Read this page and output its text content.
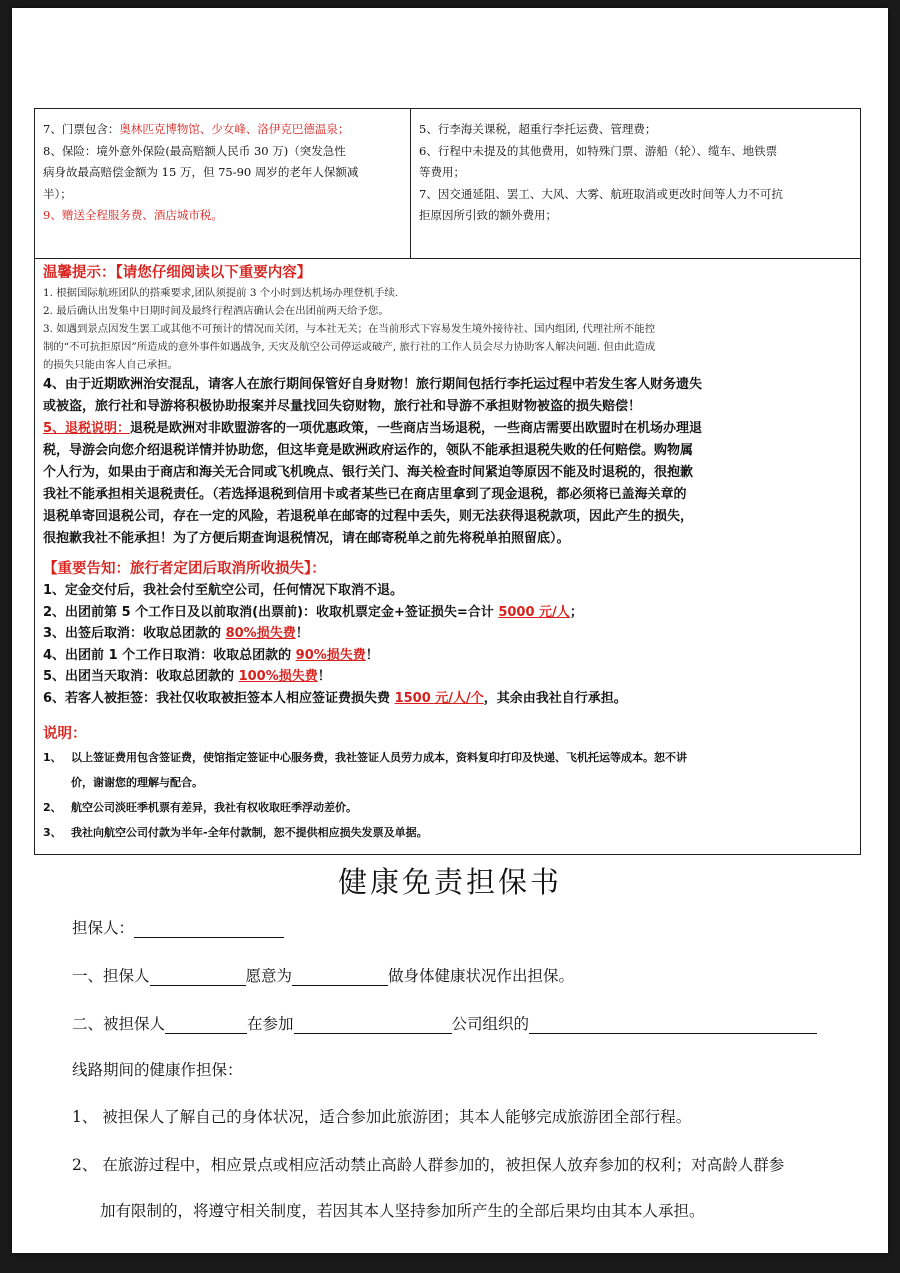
7、门票包含：奥林匹克博物馆、少女峰、洛伊克巴德温泉；
8、保险：境外意外保险(最高赔额人民币 30 万)（突发急性
病身故最高赔偿金额为 15 万，但 75-90 周岁的老年人保额减
半）；
9、赠送全程服务费、酒店城市税。
5、行李海关课税，超重行李托运费、管理费；
6、行程中未提及的其他费用，如特殊门票、游船（轮）、缆车、地铁票
等费用；
7、因交通延阻、罢工、大风、大雾、航班取消或更改时间等人力不可抗
拒原因所引致的额外费用；
温馨提示：【请您仔细阅读以下重要内容】
1. 根据国际航班团队的搭乘要求,团队须提前 3 个小时到达机场办理登机手续.
2. 最后确认出发集中日期时间及最终行程酒店确认会在出团前两天给予您。
3. 如遇到景点因发生罢工或其他不可预计的情况而关闭，与本社无关；在当前形式下容易发生境外接待社、国内组团, 代理社所不能控
制的“不可抗拒原因”所造成的意外事件如遇战争, 天灾及航空公司停运或破产, 旅行社的工作人员会尽力协助客人解决问题. 但由此造成
的损失只能由客人自己承担。
4、由于近期欧洲治安混乱，请客人在旅行期间保管好自身财物！旅行期间包括行李托运过程中若发生客人财务遗失
或被盗，旅行社和导游将积极协助报案并尽量找回失窃财物，旅行社和导游不承担财物被盗的损失赔偿！
5、退税说明：退税是欧洲对非欧盟游客的一项优惠政策，一些商店当场退税，一些商店需要出欧盟时在机场办理退
税，导游会向您介绍退税详情并协助您，但这毕竟是欧洲政府运作的，领队不能承担退税失败的任何赔偿。购物属
个人行为，如果由于商店和海关无合同或飞机晚点、银行关门、海关检查时间紧迫等原因不能及时退税的，很抱歉
我社不能承担相关退税责任。（若选择退税到信用卡或者某些已在商店里拿到了现金退税，都必须将已盖海关章的
退税单寄回退税公司，存在一定的风险，若退税单在邮寄的过程中丢失，则无法获得退税款项，因此产生的损失，
很抱歉我社不能承担！为了方便后期查询退税情况，请在邮寄税单之前先将税单拍照留底）。
【重要告知：旅行者定团后取消所收损失】：
1、定金交付后，我社会付至航空公司，任何情况下取消不退。
2、出团前第 5 个工作日及以前取消(出票前)：收取机票定金+签证损失=合计 5000 元/人；
3、出签后取消：收取总团款的 80%损失费！
4、出团前 1 个工作日取消：收取总团款的 90%损失费！
5、出团当天取消：收取总团款的 100%损失费！
6、若客人被拒签：我社仅收取被拒签本人相应签证费损失费 1500 元/人/个，其余由我社自行承担。
说明：
1、 以上签证费用包含签证费，使馆指定签证中心服务费，我社签证人员劳力成本，资料复印打印及快递、飞机托运等成本。恕不讲
价，谢谢您的理解与配合。
2、 航空公司淡旺季机票有差异，我社有权收取旺季浮动差价。
3、 我社向航空公司付款为半年-全年付款制，恕不提供相应损失发票及单据。
健康免责担保书
担保人：
一、担保人	愿意为	做身体健康状况作出担保。
二、被担保人	在参加	公司组织的
线路期间的健康作担保：
1、 被担保人了解自己的身体状况，适合参加此旅游团；其本人能够完成旅游团全部行程。
2、 在旅游过程中，相应景点或相应活动禁止高龄人群参加的，被担保人放弃参加的权利；对高龄人群参
加有限制的，将遵守相关制度，若因其本人坚持参加所产生的全部后果均由其本人承担。
